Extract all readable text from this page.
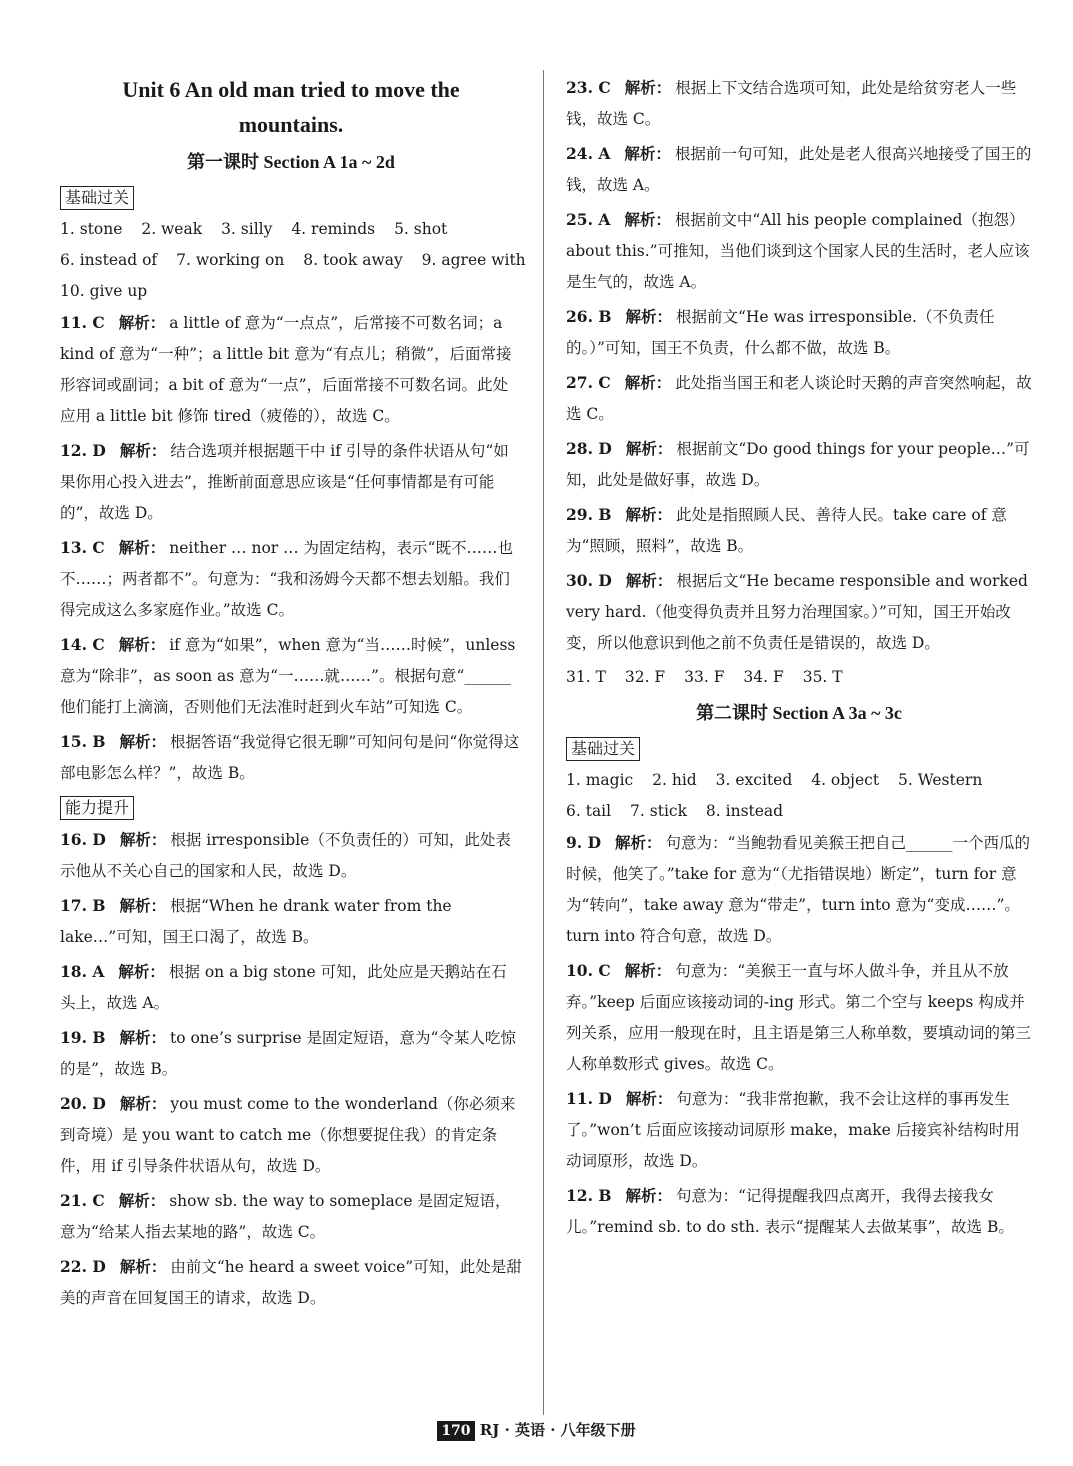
Unit 6 An old man tried to move the
mountains.
第一课时 Section A 1a ~ 2d
基础过关
1. stone 2. weak 3. silly 4. reminds 5. shot
6. instead of 7. working on 8. took away 9. agree with
10. give up
11. C 解析： a little of 意为“一点点”，后常接不可数名词；a kind of 意为“一种”；a little bit 意为“有点儿；稍微”，后面常接形容词或副词；a bit of 意为“一点”，后面常接不可数名词。此处应用 a little bit 修饰 tired（疲倦的），故选 C。
12. D 解析： 结合选项并根据题干中 if 引导的条件状语从句“如果你用心投入进去”，推断前面意思应该是“任何事情都是有可能的”，故选 D。
13. C 解析： neither … nor … 为固定结构，表示“既不……也不……；两者都不”。句意为：“我和汤姆今天都不想去划船。我们得完成这么多家庭作业。”故选 C。
14. C 解析： if 意为“如果”，when 意为“当……时候”，unless 意为“除非”，as soon as 意为“一……就……”。根据句意“______ 他们能打上滴滴，否则他们无法准时赶到火车站”可知选 C。
15. B 解析： 根据答语“我觉得它很无聊”可知问句是问“你觉得这部电影怎么样？”，故选 B。
能力提升
16. D 解析： 根据 irresponsible（不负责任的）可知，此处表示他从不关心自己的国家和人民，故选 D。
17. B 解析： 根据“When he drank water from the lake…”可知，国王口渴了，故选 B。
18. A 解析： 根据 on a big stone 可知，此处应是天鹅站在石头上，故选 A。
19. B 解析： to one’s surprise 是固定短语，意为“令某人吃惊的是”，故选 B。
20. D 解析： you must come to the wonderland（你必须来到奇境）是 you want to catch me（你想要捉住我）的肯定条件，用 if 引导条件状语从句，故选 D。
21. C 解析： show sb. the way to someplace 是固定短语，意为“给某人指去某地的路”，故选 C。
22. D 解析： 由前文“he heard a sweet voice”可知，此处是甜美的声音在回复国王的请求，故选 D。
23. C 解析： 根据上下文结合选项可知，此处是给贫穷老人一些钱，故选 C。
24. A 解析： 根据前一句可知，此处是老人很高兴地接受了国王的钱，故选 A。
25. A 解析： 根据前文中“All his people complained（抱怨）about this.”可推知，当他们谈到这个国家人民的生活时，老人应该是生气的，故选 A。
26. B 解析： 根据前文“He was irresponsible.（不负责任的。）”可知，国王不负责，什么都不做，故选 B。
27. C 解析： 此处指当国王和老人谈论时天鹅的声音突然响起，故选 C。
28. D 解析： 根据前文“Do good things for your people…”可知，此处是做好事，故选 D。
29. B 解析： 此处是指照顾人民、善待人民。take care of 意为“照顾，照料”，故选 B。
30. D 解析： 根据后文“He became responsible and worked very hard.（他变得负责并且努力治理国家。）”可知，国王开始改变，所以他意识到他之前不负责任是错误的，故选 D。
31. T 32. F 33. F 34. F 35. T
第二课时 Section A 3a ~ 3c
基础过关
1. magic 2. hid 3. excited 4. object 5. Western
6. tail 7. stick 8. instead
9. D 解析： 句意为：“当鲍勃看见美猴王把自己______一个西瓜的时候，他笑了。”take for 意为“（尤指错误地）断定”，turn for 意为“转向”，take away 意为“带走”，turn into 意为“变成……”。turn into 符合句意，故选 D。
10. C 解析： 句意为：“美猴王一直与坏人做斗争，并且从不放弃。”keep 后面应该接动词的-ing 形式。第二个空与 keeps 构成并列关系，应用一般现在时，且主语是第三人称单数，要填动词的第三人称单数形式 gives。故选 C。
11. D 解析： 句意为：“我非常抱歉，我不会让这样的事再发生了。”won’t 后面应该接动词原形 make，make 后接宾补结构时用动词原形，故选 D。
12. B 解析： 句意为：“记得提醒我四点离开，我得去接我女儿。”remind sb. to do sth. 表示“提醒某人去做某事”，故选 B。
170 RJ · 英语 · 八年级下册
